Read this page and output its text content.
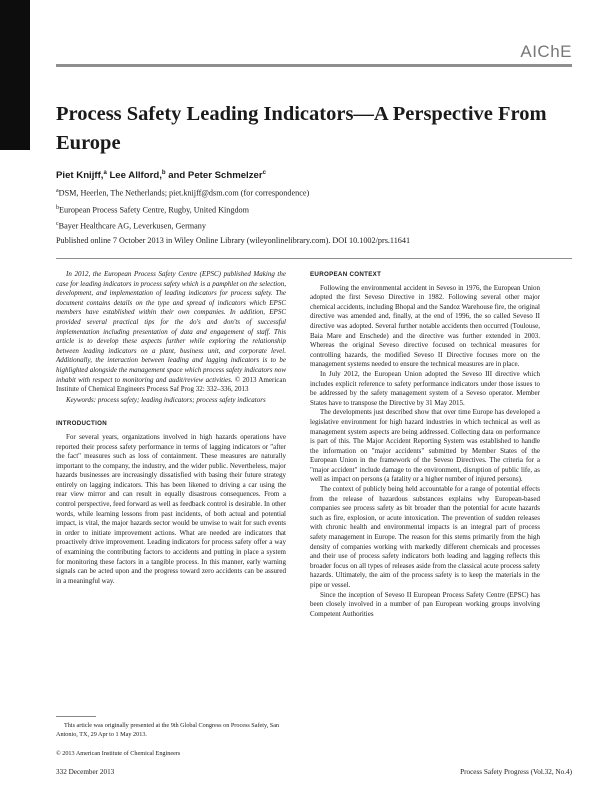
AIChE
Process Safety Leading Indicators—A Perspective From Europe
Piet Knijff,$^a$ Lee Allford,$^b$ and Peter Schmelzer$^c$
$^a$DSM, Heerlen, The Netherlands; piet.knijff@dsm.com (for correspondence)
$^b$European Process Safety Centre, Rugby, United Kingdom
$^c$Bayer Healthcare AG, Leverkusen, Germany
Published online 7 October 2013 in Wiley Online Library (wileyonlinelibrary.com). DOI 10.1002/prs.11641

In 2012, the European Process Safety Centre (EPSC) published Making the case for leading indicators in process safety which is a pamphlet on the selection, development, and implementation of leading indicators for process safety. The document contains details on the type and spread of indicators which EPSC members have established within their own companies. In addition, EPSC provided several practical tips for the do's and don'ts of successful implementation including presentation of data and engagement of staff. This article is to develop these aspects further while exploring the relationship between leading indicators on a plant, business unit, and corporate level. Additionally, the interaction between leading and lagging indicators is to be highlighted alongside the management space which process safety indicators now inhabit with respect to monitoring and audit/review activities. © 2013 American Institute of Chemical Engineers Process Saf Prog 32: 332–336, 2013

Keywords: process safety; leading indicators; process safety indicators

INTRODUCTION

For several years, organizations involved in high hazards operations have reported their process safety performance in terms of lagging indicators or "after the fact" measures such as loss of containment. These measures are naturally important to the company, the industry, and the wider public. Nevertheless, major hazards businesses are increasingly dissatisfied with basing their future strategy entirely on lagging indicators. This has been likened to driving a car using the rear view mirror and can result in equally disastrous consequences. From a control perspective, feed forward as well as feedback control is desirable. In other words, while learning lessons from past incidents, of both actual and potential impact, is vital, the major hazards sector would be unwise to wait for such events in order to initiate improvement actions. What are needed are indicators that proactively drive improvement. Leading indicators for process safety offer a way of examining the contributing factors to accidents and putting in place a system for monitoring these factors in a tangible process. In this manner, early warning signals can be acted upon and the progress toward zero accidents can be assured in a meaningful way.

EUROPEAN CONTEXT

Following the environmental accident in Seveso in 1976, the European Union adopted the first Seveso Directive in 1982. Following several other major chemical accidents, including Bhopal and the Sandoz Warehouse fire, the original directive was amended and, finally, at the end of 1996, the so called Seveso II directive was adopted. Several further notable accidents then occurred (Toulouse, Baia Mare and Enschede) and the directive was further extended in 2003. Whereas the original Seveso directive focused on technical measures for controlling hazards, the modified Seveso II Directive focuses more on the management systems needed to ensure the technical measures are in place.

In July 2012, the European Union adopted the Seveso III directive which includes explicit reference to safety performance indicators under those issues to be addressed by the safety management system of a Seveso operator. Member States have to transpose the Directive by 31 May 2015.

The developments just described show that over time Europe has developed a legislative environment for high hazard industries in which technical as well as management system aspects are being addressed. Collecting data on performance is part of this. The Major Accident Reporting System was established to handle the information on "major accidents" submitted by Member States of the European Union in the framework of the Seveso Directives. The criteria for a "major accident" include damage to the environment, disruption of public life, as well as impact on persons (a fatality or a higher number of injured persons).

The context of publicly being held accountable for a range of potential effects from the release of hazardous substances explains why European-based companies see process safety as bit broader than the potential for acute hazards such as fire, explosion, or acute intoxication. The prevention of sudden releases with chronic health and environmental impacts is an integral part of process safety management in Europe. The reason for this stems primarily from the high density of companies working with markedly different chemicals and processes and their use of process safety indicators both leading and lagging reflects this broader focus on all types of releases aside from the classical acute process safety hazards. Ultimately, the aim of the process safety is to keep the materials in the pipe or vessel.

Since the inception of Seveso II European Process Safety Centre (EPSC) has been closely involved in a number of pan European working groups involving Competent Authorities

This article was originally presented at the 9th Global Congress on Process Safety, San Antonio, TX, 29 Apr to 1 May 2013.

© 2013 American Institute of Chemical Engineers
332 December 2013	Process Safety Progress (Vol.32, No.4)
